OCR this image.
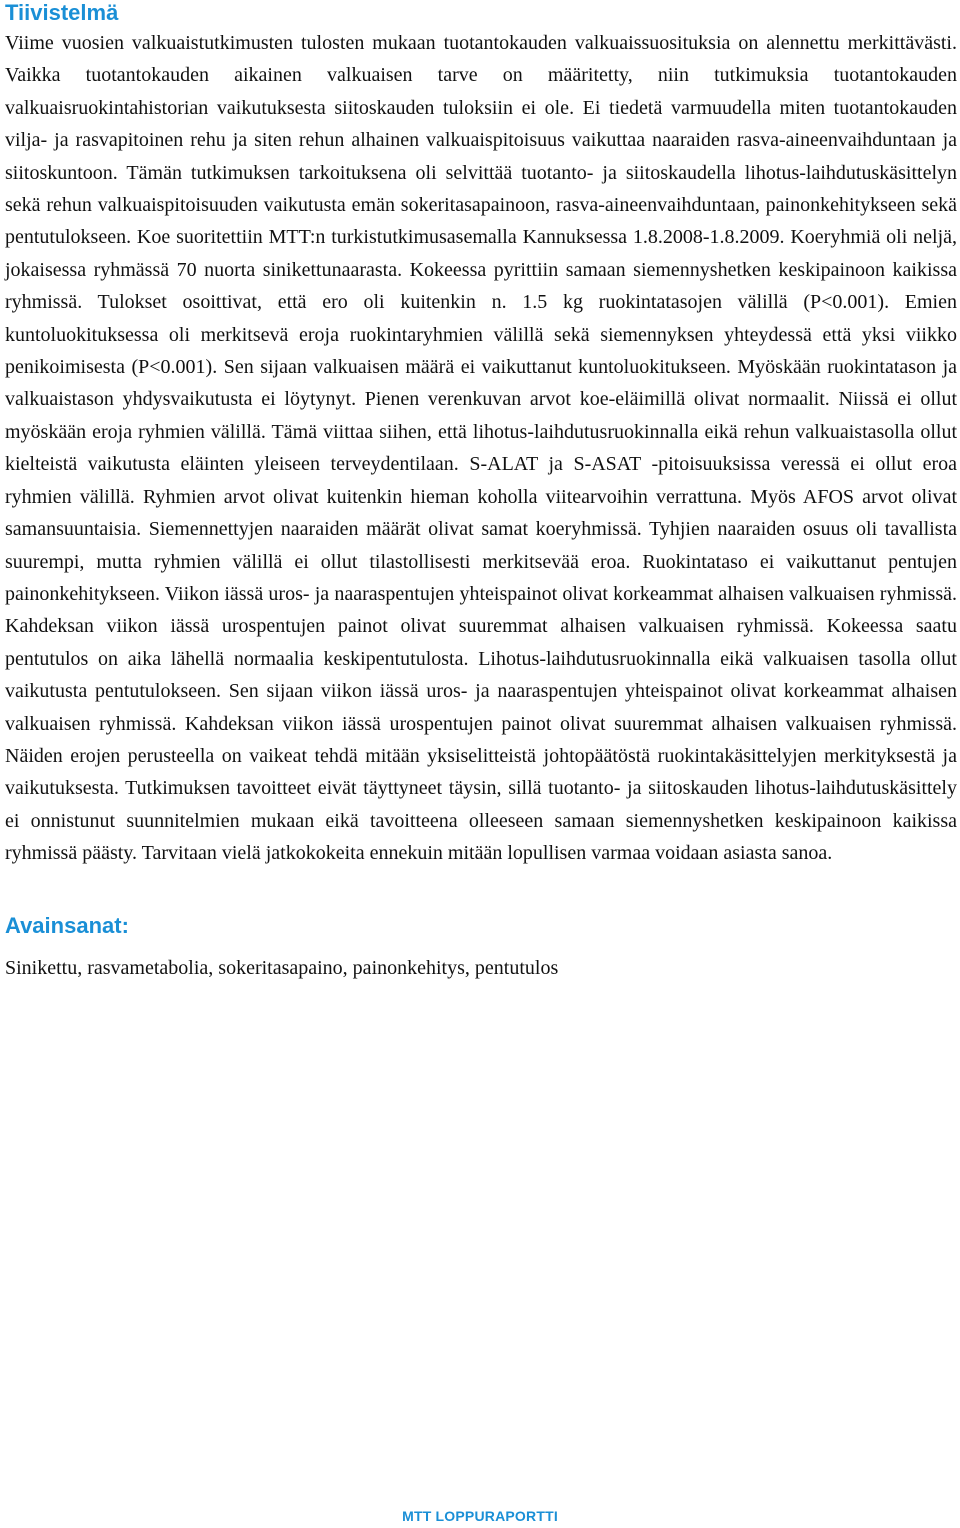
Tiivistelmä

Viime vuosien valkuaistutkimusten tulosten mukaan tuotantokauden valkuaissuosituksia on alennettu merkittävästi. Vaikka tuotantokauden aikainen valkuaisen tarve on määritetty, niin tutkimuksia tuotantokauden valkuaisruokintahistorian vaikutuksesta siitoskauden tuloksiin ei ole. Ei tiedetä varmuudella miten tuotantokauden vilja- ja rasvapitoinen rehu ja siten rehun alhainen valkuaispitoisuus vaikuttaa naaraiden rasva-aineenvaihduntaan ja siitoskuntoon. Tämän tutkimuksen tarkoituksena oli selvittää tuotanto- ja siitoskaudella lihotus-laihdutuskäsittelyn sekä rehun valkuaispitoisuuden vaikutusta emän sokeritasapainoon, rasva-aineenvaihduntaan, painonkehitykseen sekä pentutulokseen. Koe suoritettiin MTT:n turkistutkimusasemalla Kannuksessa 1.8.2008-1.8.2009. Koeryhmiä oli neljä, jokaisessa ryhmässä 70 nuorta sinikettunaarasta. Kokeessa pyrittiin samaan siemennyshetken keskipainoon kaikissa ryhmissä. Tulokset osoittivat, että ero oli kuitenkin n. 1.5 kg ruokintatasojen välillä (P<0.001). Emien kuntoluokituksessa oli merkitsevä eroja ruokintaryhmien välillä sekä siemennyksen yhteydessä että yksi viikko penikoimisesta (P<0.001). Sen sijaan valkuaisen määrä ei vaikuttanut kuntoluokitukseen. Myöskään ruokintatason ja valkuaistason yhdysvaikutusta ei löytynyt. Pienen verenkuvan arvot koe-eläimillä olivat normaalit. Niissä ei ollut myöskään eroja ryhmien välillä. Tämä viittaa siihen, että lihotus-laihdutusruokinnalla eikä rehun valkuaistasolla ollut kielteistä vaikutusta eläinten yleiseen terveydentilaan. S-ALAT ja S-ASAT -pitoisuuksissa veressä ei ollut eroa ryhmien välillä. Ryhmien arvot olivat kuitenkin hieman koholla viitearvoihin verrattuna. Myös AFOS arvot olivat samansuuntaisia. Siemennettyjen naaraiden määrät olivat samat koeryhmissä. Tyhjien naaraiden osuus oli tavallista suurempi, mutta ryhmien välillä ei ollut tilastollisesti merkitsevää eroa. Ruokintataso ei vaikuttanut pentujen painonkehitykseen. Viikon iässä uros- ja naaraspentujen yhteispainot olivat korkeammat alhaisen valkuaisen ryhmissä. Kahdeksan viikon iässä urospentujen painot olivat suuremmat alhaisen valkuaisen ryhmissä. Kokeessa saatu pentutulos on aika lähellä normaalia keskipentutulosta. Lihotus-laihdutusruokinnalla eikä valkuaisen tasolla ollut vaikutusta pentutulokseen. Sen sijaan viikon iässä uros- ja naaraspentujen yhteispainot olivat korkeammat alhaisen valkuaisen ryhmissä. Kahdeksan viikon iässä urospentujen painot olivat suuremmat alhaisen valkuaisen ryhmissä. Näiden erojen perusteella on vaikeat tehdä mitään yksiselitteistä johtopäätöstä ruokintakäsittelyjen merkityksestä ja vaikutuksesta. Tutkimuksen tavoitteet eivät täyttyneet täysin, sillä tuotanto- ja siitoskauden lihotus-laihdutuskäsittely ei onnistunut suunnitelmien mukaan eikä tavoitteena olleeseen samaan siemennyshetken keskipainoon kaikissa ryhmissä päästy. Tarvitaan vielä jatkokokeita ennekuin mitään lopullisen varmaa voidaan asiasta sanoa.

Avainsanat:

Sinikettu, rasvametabolia, sokeritasapaino, painonkehitys, pentutulos

MTT LOPPURAPORTTI
